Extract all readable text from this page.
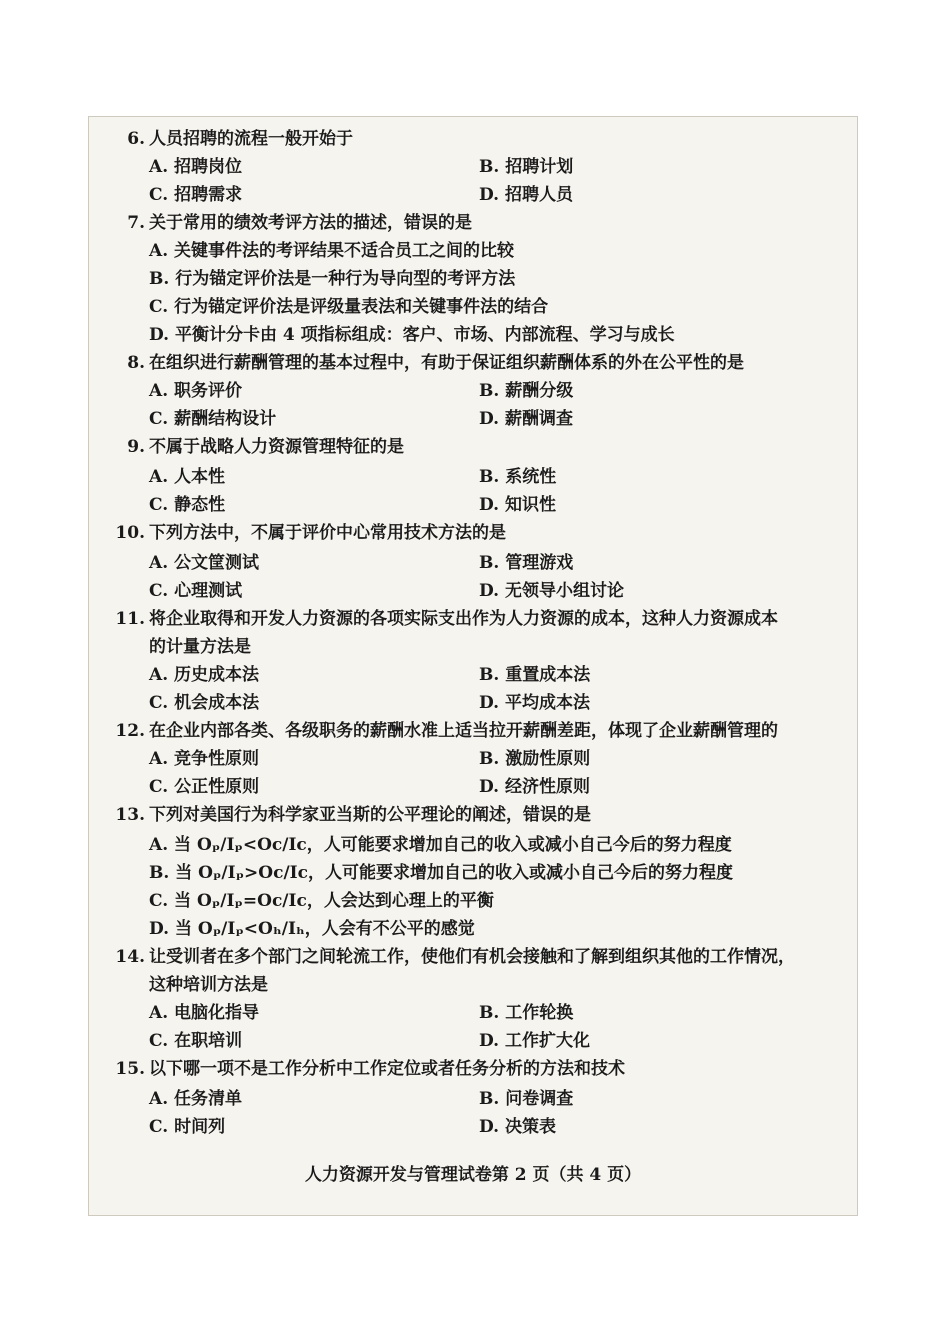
6. 人员招聘的流程一般开始于
A. 招聘岗位	B. 招聘计划
C. 招聘需求	D. 招聘人员
7. 关于常用的绩效考评方法的描述，错误的是
A. 关键事件法的考评结果不适合员工之间的比较
B. 行为锚定评价法是一种行为导向型的考评方法
C. 行为锚定评价法是评级量表法和关键事件法的结合
D. 平衡计分卡由 4 项指标组成：客户、市场、内部流程、学习与成长
8. 在组织进行薪酬管理的基本过程中，有助于保证组织薪酬体系的外在公平性的是
A. 职务评价	B. 薪酬分级
C. 薪酬结构设计	D. 薪酬调查
9. 不属于战略人力资源管理特征的是
A. 人本性	B. 系统性
C. 静态性	D. 知识性
10. 下列方法中，不属于评价中心常用技术方法的是
A. 公文筐测试	B. 管理游戏
C. 心理测试	D. 无领导小组讨论
11. 将企业取得和开发人力资源的各项实际支出作为人力资源的成本，这种人力资源成本
的计量方法是
A. 历史成本法	B. 重置成本法
C. 机会成本法	D. 平均成本法
12. 在企业内部各类、各级职务的薪酬水准上适当拉开薪酬差距，体现了企业薪酬管理的
A. 竞争性原则	B. 激励性原则
C. 公正性原则	D. 经济性原则
13. 下列对美国行为科学家亚当斯的公平理论的阐述，错误的是
A. 当 Oₚ/Iₚ<Oc/Ic，人可能要求增加自己的收入或减小自己今后的努力程度
B. 当 Oₚ/Iₚ>Oc/Ic，人可能要求增加自己的收入或减小自己今后的努力程度
C. 当 Oₚ/Iₚ=Oc/Ic，人会达到心理上的平衡
D. 当 Oₚ/Iₚ<Oₕ/Iₕ，人会有不公平的感觉
14. 让受训者在多个部门之间轮流工作，使他们有机会接触和了解到组织其他的工作情况，
这种培训方法是
A. 电脑化指导	B. 工作轮换
C. 在职培训	D. 工作扩大化
15. 以下哪一项不是工作分析中工作定位或者任务分析的方法和技术
A. 任务清单	B. 问卷调查
C. 时间列	D. 决策表
人力资源开发与管理试卷第 2 页（共 4 页）
